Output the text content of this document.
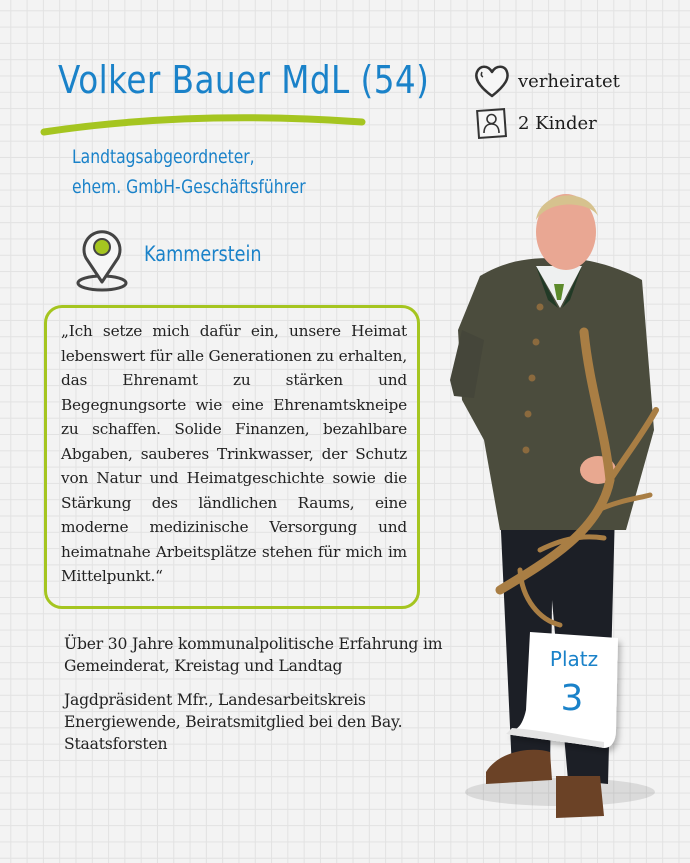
Volker Bauer MdL (54)
Landtagsabgeordneter,
ehem. GmbH-Geschäftsführer
Kammerstein
verheiratet
2 Kinder

„Ich setze mich dafür ein, unsere Heimat lebenswert für alle Generationen zu erhalten, das Ehrenamt zu stärken und Begegnungsorte wie eine Ehrenamtskneipe zu schaffen. Solide Finanzen, bezahlbare Abgaben, sauberes Trinkwasser, der Schutz von Natur und Heimatgeschichte sowie die Stärkung des ländlichen Raums, eine moderne medizinische Versorgung und heimatnahe Arbeitsplätze stehen für mich im Mittelpunkt.“

Über 30 Jahre kommunalpolitische Erfahrung im Gemeinderat, Kreistag und Landtag

Jagdpräsident Mfr., Landesarbeitskreis Energiewende, Beiratsmitglied bei den Bay. Staatsforsten

Platz
3
